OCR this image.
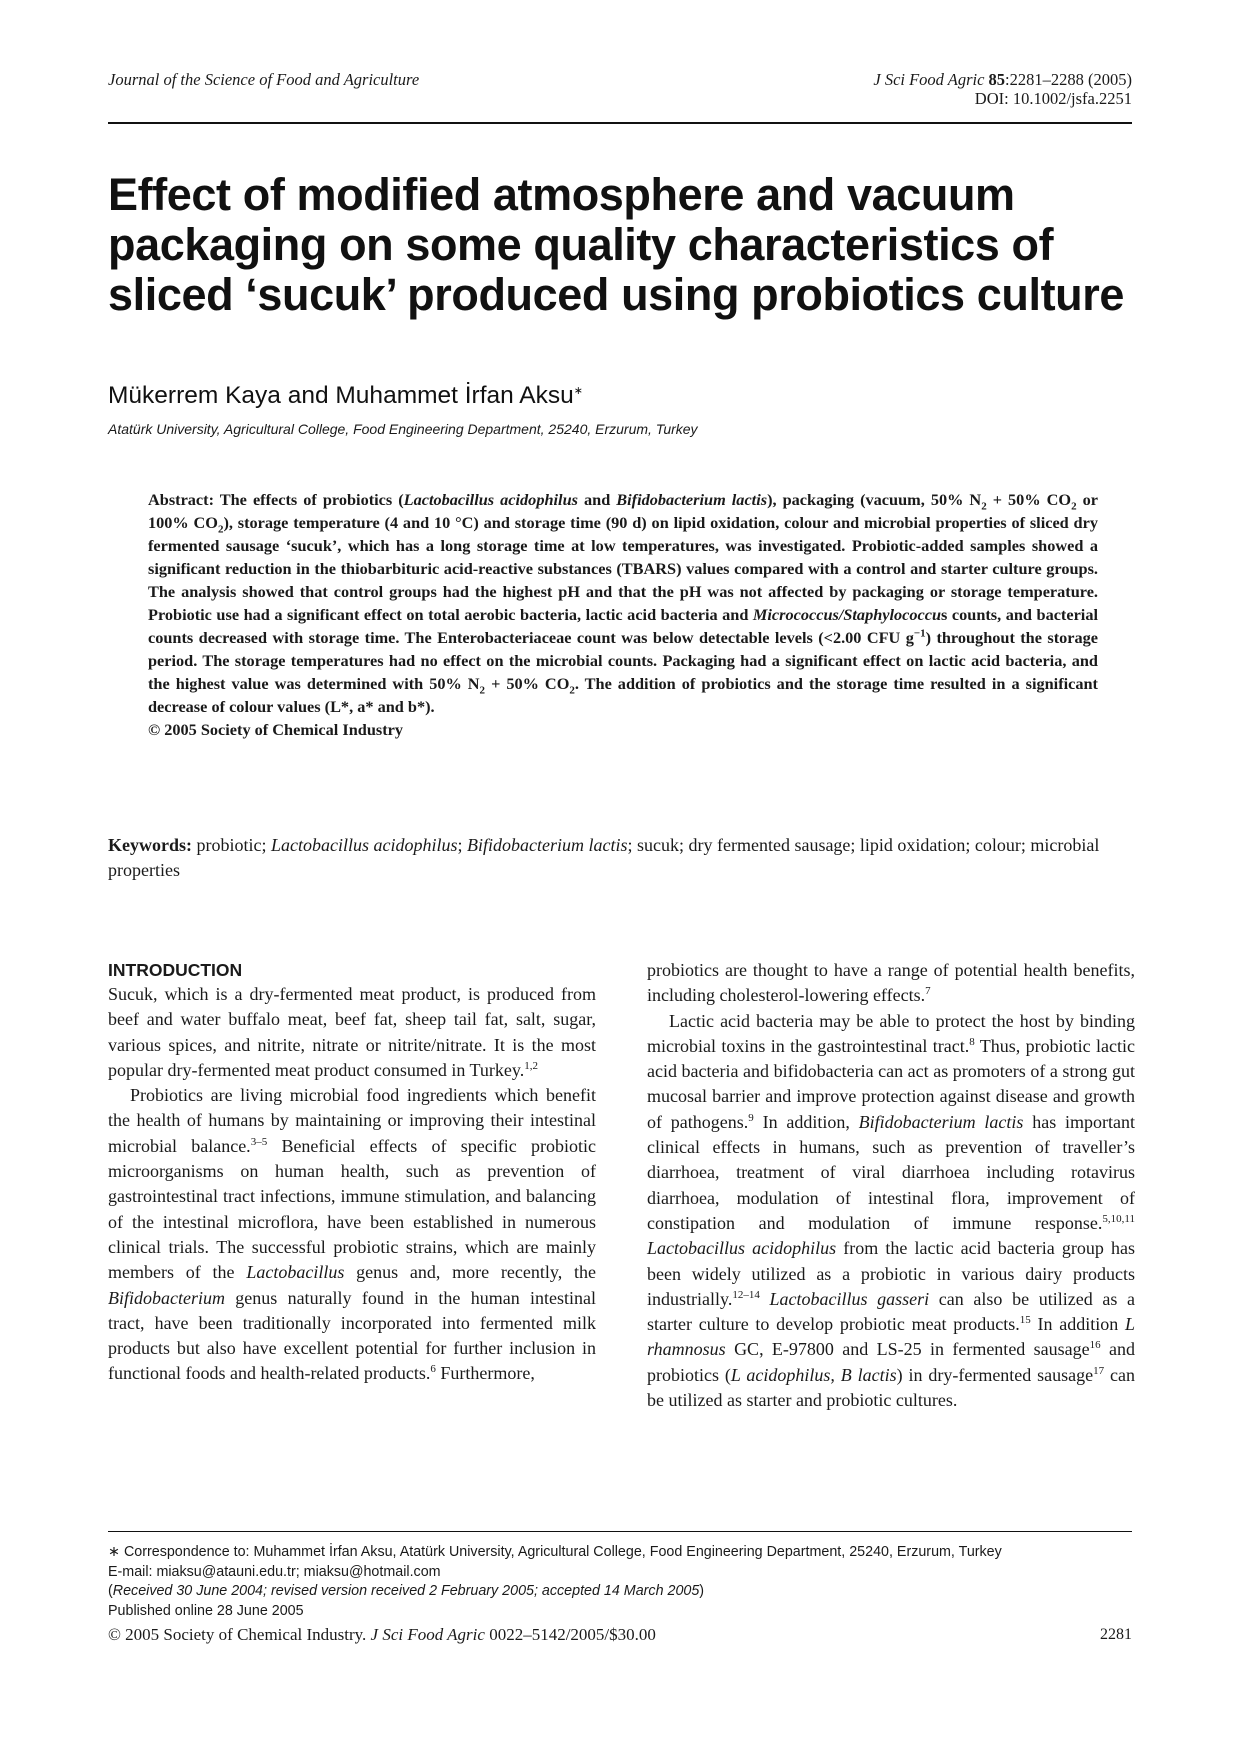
Journal of the Science of Food and Agriculture	J Sci Food Agric 85:2281–2288 (2005)
DOI: 10.1002/jsfa.2251
Effect of modified atmosphere and vacuum packaging on some quality characteristics of sliced ‘sucuk’ produced using probiotics culture
Mükerrem Kaya and Muhammet İrfan Aksu∗
Atatürk University, Agricultural College, Food Engineering Department, 25240, Erzurum, Turkey
Abstract: The effects of probiotics (Lactobacillus acidophilus and Bifidobacterium lactis), packaging (vacuum, 50% $N_2 + 50\%$ $CO_2$ or 100% $CO_2$), storage temperature (4 and 10 °C) and storage time (90 d) on lipid oxidation, colour and microbial properties of sliced dry fermented sausage ‘sucuk’, which has a long storage time at low temperatures, was investigated. Probiotic-added samples showed a significant reduction in the thiobarbituric acid-reactive substances (TBARS) values compared with a control and starter culture groups. The analysis showed that control groups had the highest pH and that the pH was not affected by packaging or storage temperature. Probiotic use had a significant effect on total aerobic bacteria, lactic acid bacteria and Micrococcus/Staphylococcus counts, and bacterial counts decreased with storage time. The Enterobacteriaceae count was below detectable levels (<2.00 CFU $g^{-1}$) throughout the storage period. The storage temperatures had no effect on the microbial counts. Packaging had a significant effect on lactic acid bacteria, and the highest value was determined with 50% $N_2 + 50\%$ $CO_2$. The addition of probiotics and the storage time resulted in a significant decrease of colour values (L*, a* and b*).
© 2005 Society of Chemical Industry
Keywords: probiotic; Lactobacillus acidophilus; Bifidobacterium lactis; sucuk; dry fermented sausage; lipid oxidation; colour; microbial properties
INTRODUCTION

Sucuk, which is a dry-fermented meat product, is produced from beef and water buffalo meat, beef fat, sheep tail fat, salt, sugar, various spices, and nitrite, nitrate or nitrite/nitrate. It is the most popular dry-fermented meat product consumed in Turkey.$^{1,2}$

Probiotics are living microbial food ingredients which benefit the health of humans by maintaining or improving their intestinal microbial balance.$^{3-5}$ Beneficial effects of specific probiotic microorganisms on human health, such as prevention of gastrointestinal tract infections, immune stimulation, and balancing of the intestinal microflora, have been established in numerous clinical trials. The successful probiotic strains, which are mainly members of the Lactobacillus genus and, more recently, the Bifidobacterium genus naturally found in the human intestinal tract, have been traditionally incorporated into fermented milk products but also have excellent potential for further inclusion in functional foods and health-related products.$^6$ Furthermore,

probiotics are thought to have a range of potential health benefits, including cholesterol-lowering effects.$^7$

Lactic acid bacteria may be able to protect the host by binding microbial toxins in the gastrointestinal tract.$^8$ Thus, probiotic lactic acid bacteria and bifidobacteria can act as promoters of a strong gut mucosal barrier and improve protection against disease and growth of pathogens.$^9$ In addition, Bifidobacterium lactis has important clinical effects in humans, such as prevention of traveller’s diarrhoea, treatment of viral diarrhoea including rotavirus diarrhoea, modulation of intestinal flora, improvement of constipation and modulation of immune response.$^{5,10,11}$ Lactobacillus acidophilus from the lactic acid bacteria group has been widely utilized as a probiotic in various dairy products industrially.$^{12-14}$ Lactobacillus gasseri can also be utilized as a starter culture to develop probiotic meat products.$^{15}$ In addition L rhamnosus GC, E-97800 and LS-25 in fermented sausage$^{16}$ and probiotics (L acidophilus, B lactis) in dry-fermented sausage$^{17}$ can be utilized as starter and probiotic cultures.

∗ Correspondence to: Muhammet İrfan Aksu, Atatürk University, Agricultural College, Food Engineering Department, 25240, Erzurum, Turkey
E-mail: miaksu@atauni.edu.tr; miaksu@hotmail.com
(Received 30 June 2004; revised version received 2 February 2005; accepted 14 March 2005)
Published online 28 June 2005
© 2005 Society of Chemical Industry. J Sci Food Agric 0022–5142/2005/$30.00	2281
